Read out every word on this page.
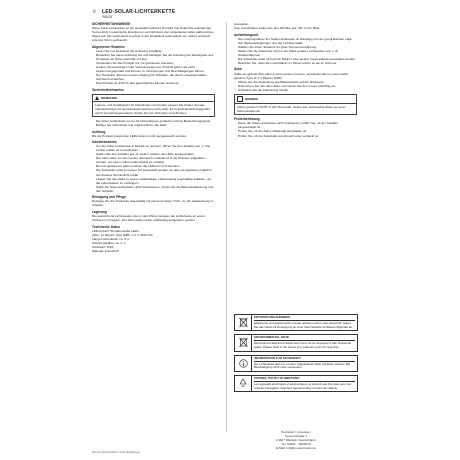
♢ LED-SOLAR-LICHTERKETTE
98628
SICHERHEITSHINWEISE

Diese Solar-Lichterkette ist ein umweltfreundliches Produkt. Die Solarzelle wandelt das Sonnenlicht in elektrische Energie um und lädt dann den eingebauten Akku während des Tages auf. Die Lichterkette leuchtet in der Dunkelheit automatisch ein. Daher wird kein externer Strom gebraucht.

Allgemeine Hinweise

· Lesen Sie vor Gebrauch die Anleitung sorgfältig.

· Bewahren Sie diese Anleitung auf und händigen Sie die Anleitung bei Weitergabe des Produktes an Dritte ebenfalls mit aus.

· Verwenden Sie das Produkt nur zur gebotenen Zwecken.

· Andere Verwendungen oder Veränderungen am Produkt gelten als nicht bestimmungsgemäß und können zu Verletzungen und Beschädigungen führen.

· Der Hersteller übernimmt keine Haftung für Schäden, die durch unsachgemäßen Gebrauch entstehen.

· Das Produkt ist nicht für den gewerblichen Einsatz bestimmt.

Sicherheitshinweise
WARNUNG
Lebens- und Unfallgefahr für Kleinkinder und Kinder! Lassen Sie Kinder niemals unbeaufsichtigt mit Verpackungsmaterial und Produkt. Es besteht Erstickungsgefahr durch Verpackungsmaterial. Kinder können Kleinteile verschlucken.

· Die Solar-Lichterkette ist nur für Dekorationen gedacht und kein Beleuchtungsgerät.

· Blicken Sie nicht direkt und ungeschützt in die LED!

Achtung

Bis die Produkt integrierten LEDs können nicht ausgetauscht werden.

Inbetriebnahme

· Um die Solar-Lichterkette in Betrieb zu nehmen, öffnen Sie den Schalter auf „I“. Die Lichter sollten sich einschalten.

· Stellen Sie den Schalter auf „0“ stellen, bleiben die LEDs ausgeschaltet.

· Der Akku sollte vor dem ersten Gebrauch mindestens 8–10 Stunden aufgeladen werden, um einen vollen Ladezustand zu erhalten.

· Bei voll geladenem Akku leuchten die LEDs bis zu 8 Stunden.

· Die Solarzelle sollte an einem Ort aufgestellt werden, an dem sie tagsüber möglichst viel direktes Sonnenlicht erhält.

· Lassen Sie den Akku zu einem vollständigen Ladevorgang regelmäßig aufladen, um die Lebensdauer zu verlängern.

· Sollte die Solar-Lichterkette nicht funktionieren, prüfen Sie die Batterieabdeckung und den Schalter.

Reinigung und Pflege

Reinigen Sie die Solarzelle regelmäßig mit einem feuchten Tuch, um die Ladeleistung zu erhalten.

Lagerung

Bei ausreichend Lichtmangel oder in den Wintermonaten die Lichterkette an einem trockenen Ort lagern. Der Akku sollte vorher vollständig aufgeladen werden.

Technische Daten

LED-Anzahl: 50 warmweiße LEDs

Akku: 1x Mignon (AA) NiMh, 1,2 V, 600 mAh

Länge Lichterkette: ca. 8 m

Zuleitungskabel: ca. 2 m

Schutzart: IP44

Material: Kunststoff

Ausstellen.

Zum Ausschalten stellen Sie den Schalter auf „Off“ in der Mitte.

Aufstellungsort

· Die Leistungsdauer der Solar-Lichterkette ist abhängig von der geografischen Lage, den Wetterbedingungen und der Lichtintensität.

· Wählen Sie einen Standort mit guter Sonneneinstrahlung.

· Stellen Sie die Solarzelle nicht in der Nähe anderer Lichtquellen auf, z. B. Straßenlaternen.

· Die Solarzelle sollte nicht durch Bäume oder andere Gegenstände beschattet werden.

· Beachten Sie, dass die Leuchtdauer im Winter kürzer ist als im Sommer.

Akku

Sollte ein gebrauchter Akku ersetzt werden müssen, verwenden Sie nur einen Akku gleichen Typs (1,2 V Mignon NiMh).

· Öffnen Sie die Abdeckung des Batteriefachs auf der Rückseite.

· Entnehmen Sie den alten Akku und setzen Sie den neuen polrichtig ein.

· Schließen Sie die Abdeckung wieder.

HINWEIS
Akkus gehören NICHT in den Hausmüll. Geben Sie verbrauchte Akkus an einer Sammelstelle ab.
Fehlerbehebung

· Wenn die Solar-Lichterkette nicht funktioniert, prüfen Sie, ob der Schalter eingeschaltet ist.

· Prüfen Sie, ob der Akku vollständig aufgeladen ist.

· Prüfen Sie, ob die Solarzelle verschmutzt oder verdeckt ist.

ENTSORGUNGSHINWEIS
Elektrische und elektronische Geräte gehören nicht in den Hausmüll. Geben Sie das Gerät zur Entsorgung an einer Sammelstelle für Elektro-Altgeräte ab.
ENVIRONMENTAL NOTE
Electrical and Electronic Equipment must not be disposed of with household waste. Please hand in the device at a collection point for recycling.
INFORMATION ZUR SICHERHEIT
Die Lichterkette darf nur mit dem mitgelieferten Akku betrieben werden. Bei Beschädigung nicht mehr verwenden.
CONSEIL POUR L'ÉLIMINATION
Les appareils électriques et électroniques ne doivent pas être jetés avec les ordures ménagères. Déposez l'appareil dans un point de collecte.
Hersteller / Importeur:
Sonnenstraße 1
24647 Wasbek, Deutschland
Tel. 04321 - 9624970
E-Mail: info@mustermann.de
Nur zur Information. Kein Spielzeug.
